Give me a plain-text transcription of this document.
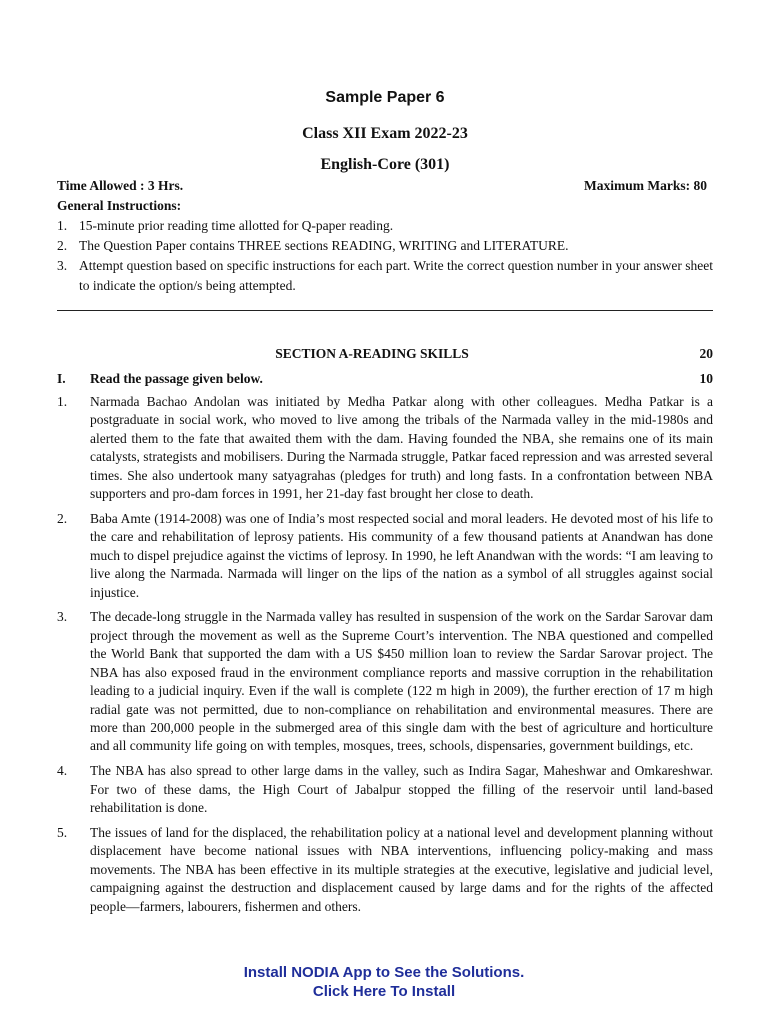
Sample Paper 6
Class XII Exam 2022-23
English-Core (301)
Time Allowed : 3 Hrs.	Maximum Marks: 80
General Instructions:
1. 15-minute prior reading time allotted for Q-paper reading.
2. The Question Paper contains THREE sections READING, WRITING and LITERATURE.
3. Attempt question based on specific instructions for each part. Write the correct question number in your answer sheet to indicate the option/s being attempted.
SECTION A-READING SKILLS	20
I. Read the passage given below.	10
1.	Narmada Bachao Andolan was initiated by Medha Patkar along with other colleagues. Medha Patkar is a postgraduate in social work, who moved to live among the tribals of the Narmada valley in the mid-1980s and alerted them to the fate that awaited them with the dam. Having founded the NBA, she remains one of its main catalysts, strategists and mobilisers. During the Narmada struggle, Patkar faced repression and was arrested several times. She also undertook many satyagrahas (pledges for truth) and long fasts. In a confrontation between NBA supporters and pro-dam forces in 1991, her 21-day fast brought her close to death.
2.	Baba Amte (1914-2008) was one of India’s most respected social and moral leaders. He devoted most of his life to the care and rehabilitation of leprosy patients. His community of a few thousand patients at Anandwan has done much to dispel prejudice against the victims of leprosy. In 1990, he left Anandwan with the words: “I am leaving to live along the Narmada. Narmada will linger on the lips of the nation as a symbol of all struggles against social injustice.
3.	The decade-long struggle in the Narmada valley has resulted in suspension of the work on the Sardar Sarovar dam project through the movement as well as the Supreme Court’s intervention. The NBA questioned and compelled the World Bank that supported the dam with a US $450 million loan to review the Sardar Sarovar project. The NBA has also exposed fraud in the environment compliance reports and massive corruption in the rehabilitation leading to a judicial inquiry. Even if the wall is complete (122 m high in 2009), the further erection of 17 m high radial gate was not permitted, due to non-compliance on rehabilitation and environmental measures. There are more than 200,000 people in the submerged area of this single dam with the best of agriculture and horticulture and all community life going on with temples, mosques, trees, schools, dispensaries, government buildings, etc.
4.	The NBA has also spread to other large dams in the valley, such as Indira Sagar, Maheshwar and Omkareshwar. For two of these dams, the High Court of Jabalpur stopped the filling of the reservoir until land-based rehabilitation is done.
5.	The issues of land for the displaced, the rehabilitation policy at a national level and development planning without displacement have become national issues with NBA interventions, influencing policy-making and mass movements. The NBA has been effective in its multiple strategies at the executive, legislative and judicial level, campaigning against the destruction and displacement caused by large dams and for the rights of the affected people—farmers, labourers, fishermen and others.
Install NODIA App to See the Solutions.
Click Here To Install
